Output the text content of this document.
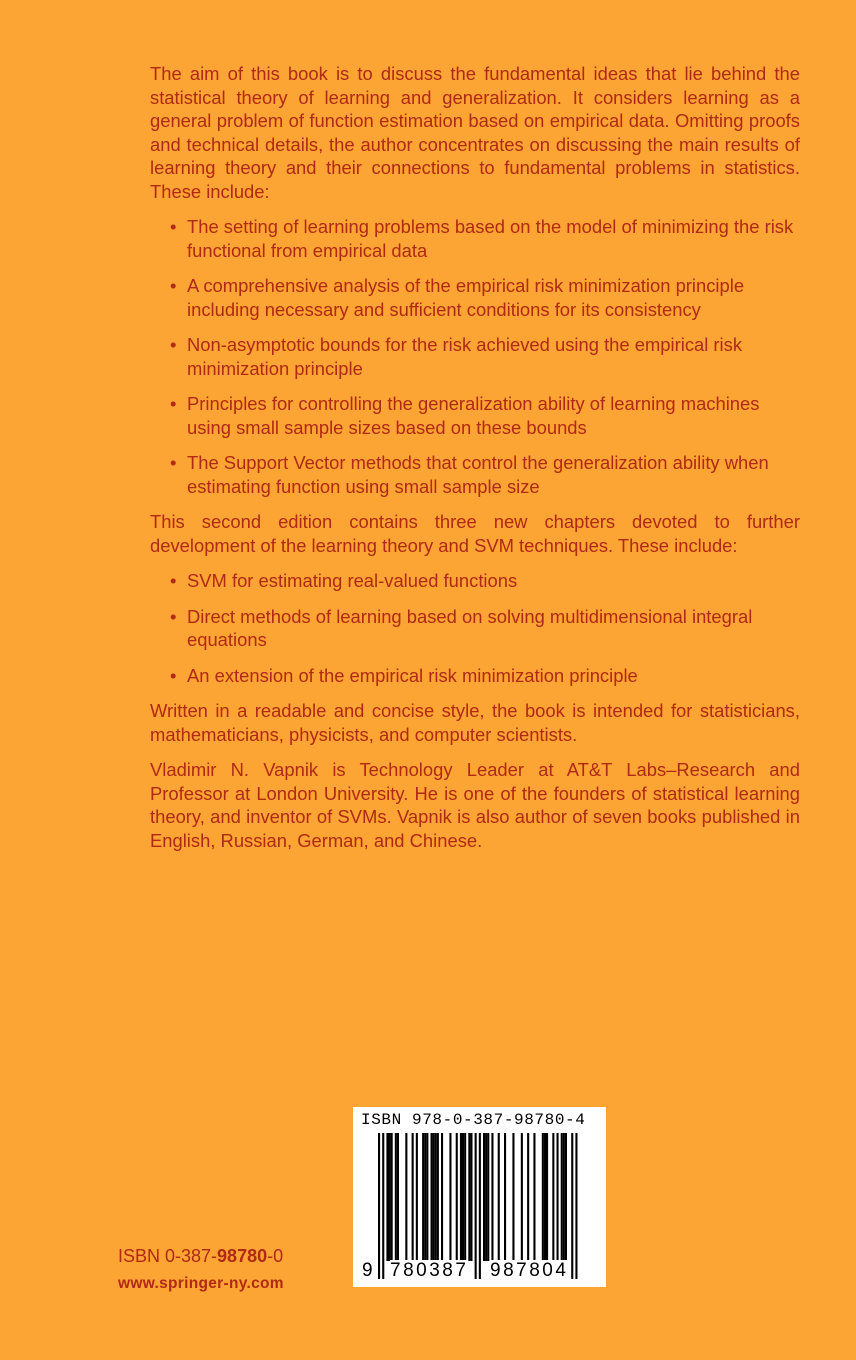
The aim of this book is to discuss the fundamental ideas that lie behind the statistical theory of learning and generalization. It considers learning as a general problem of function estimation based on empirical data. Omitting proofs and technical details, the author concentrates on discussing the main results of learning theory and their connections to fundamental problems in statistics. These include:

• The setting of learning problems based on the model of minimizing the risk functional from empirical data
• A comprehensive analysis of the empirical risk minimization principle including necessary and sufficient conditions for its consistency
• Non-asymptotic bounds for the risk achieved using the empirical risk minimization principle
• Principles for controlling the generalization ability of learning machines using small sample sizes based on these bounds
• The Support Vector methods that control the generalization ability when estimating function using small sample size

This second edition contains three new chapters devoted to further development of the learning theory and SVM techniques. These include:

• SVM for estimating real-valued functions
• Direct methods of learning based on solving multidimensional integral equations
• An extension of the empirical risk minimization principle

Written in a readable and concise style, the book is intended for statisticians, mathematicians, physicists, and computer scientists.

Vladimir N. Vapnik is Technology Leader at AT&T Labs–Research and Professor at London University. He is one of the founders of statistical learning theory, and inventor of SVMs. Vapnik is also author of seven books published in English, Russian, German, and Chinese.

ISBN 0-387-98780-0
www.springer-ny.com
ISBN 978-0-387-98780-4
9 780387 987804
